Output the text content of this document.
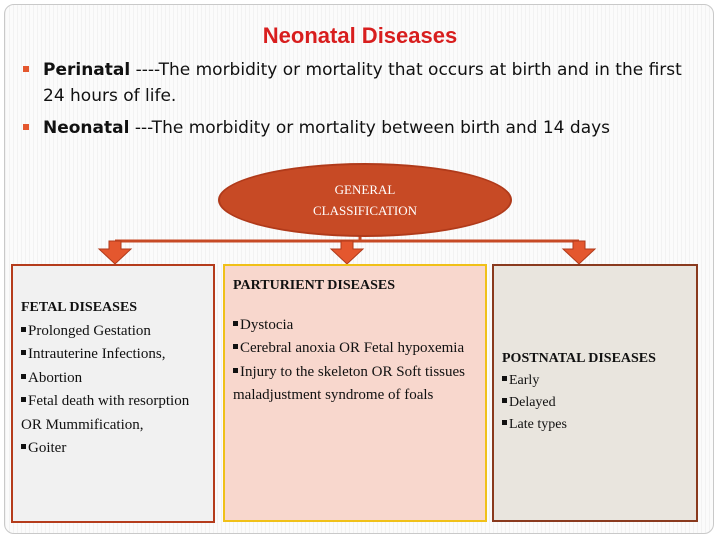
Neonatal Diseases
Perinatal ----The morbidity or mortality that occurs at birth and in the first 24 hours of life.
Neonatal ---The morbidity or mortality between birth and 14 days
GENERAL
CLASSIFICATION
FETAL DISEASES
Prolonged Gestation
Intrauterine Infections,
Abortion
Fetal death with resorption OR Mummification,
Goiter
PARTURIENT DISEASES
Dystocia
Cerebral anoxia OR Fetal hypoxemia
Injury to the skeleton OR Soft tissues maladjustment syndrome of foals
POSTNATAL DISEASES
Early
Delayed
Late types
